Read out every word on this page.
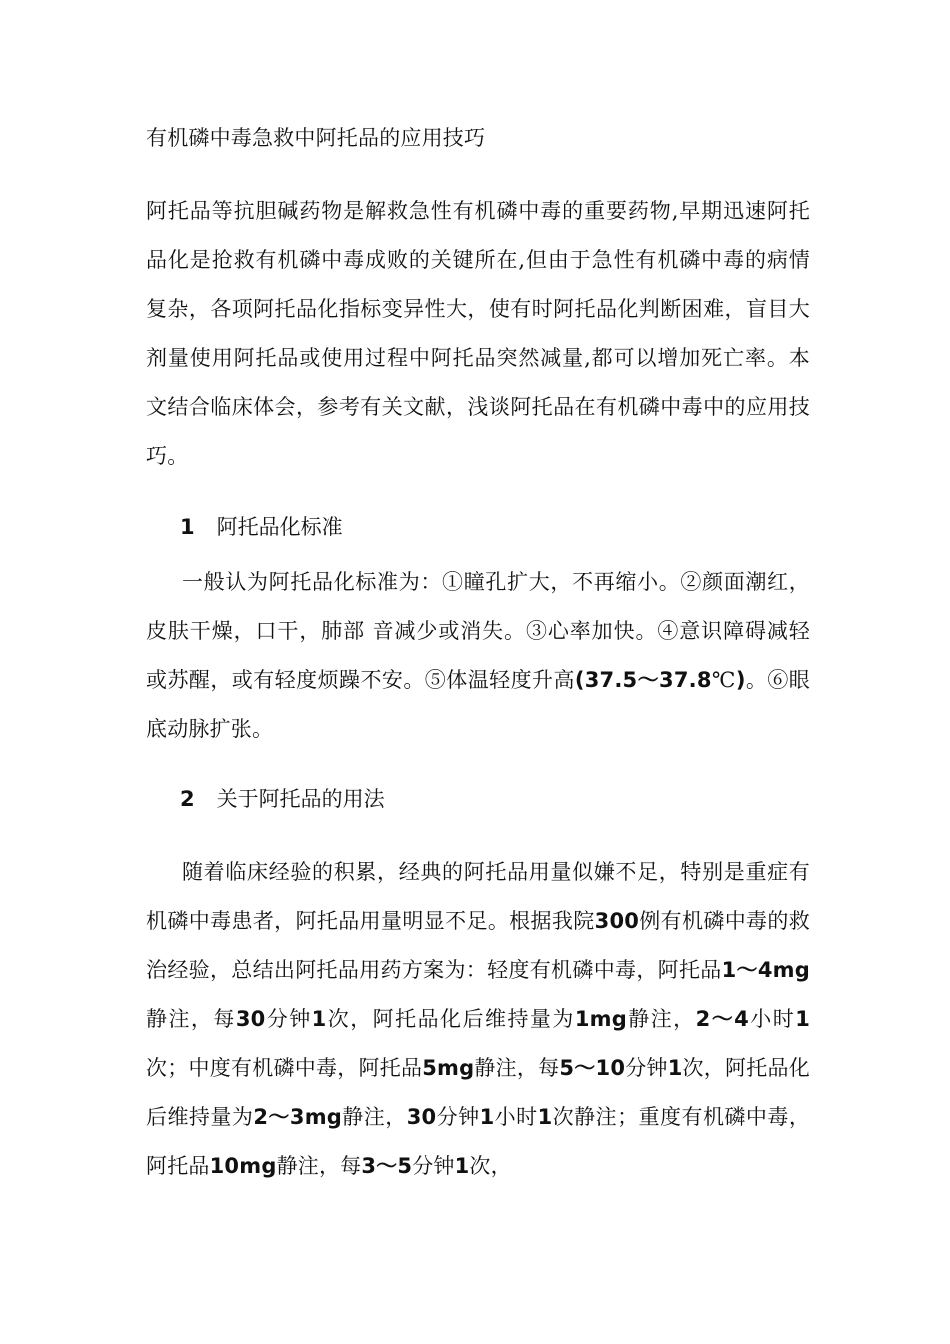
有机磷中毒急救中阿托品的应用技巧
阿托品等抗胆碱药物是解救急性有机磷中毒的重要药物,早期迅速阿托品化是抢救有机磷中毒成败的关键所在,但由于急性有机磷中毒的病情复杂，各项阿托品化指标变异性大，使有时阿托品化判断困难，盲目大剂量使用阿托品或使用过程中阿托品突然减量,都可以增加死亡率。本文结合临床体会，参考有关文献，浅谈阿托品在有机磷中毒中的应用技巧。
1 阿托品化标准
一般认为阿托品化标准为：①瞳孔扩大，不再缩小。②颜面潮红，皮肤干燥，口干，肺部 音减少或消失。③心率加快。④意识障碍减轻或苏醒，或有轻度烦躁不安。⑤体温轻度升高(37.5～37.8℃)。⑥眼底动脉扩张。
2 关于阿托品的用法
随着临床经验的积累，经典的阿托品用量似嫌不足，特别是重症有机磷中毒患者，阿托品用量明显不足。根据我院300例有机磷中毒的救治经验，总结出阿托品用药方案为：轻度有机磷中毒，阿托品1～4mg静注，每30分钟1次，阿托品化后维持量为1mg静注，2～4小时1次；中度有机磷中毒，阿托品5mg静注，每5～10分钟1次，阿托品化后维持量为2～3mg静注，30分钟1小时1次静注；重度有机磷中毒，阿托品10mg静注，每3～5分钟1次，
